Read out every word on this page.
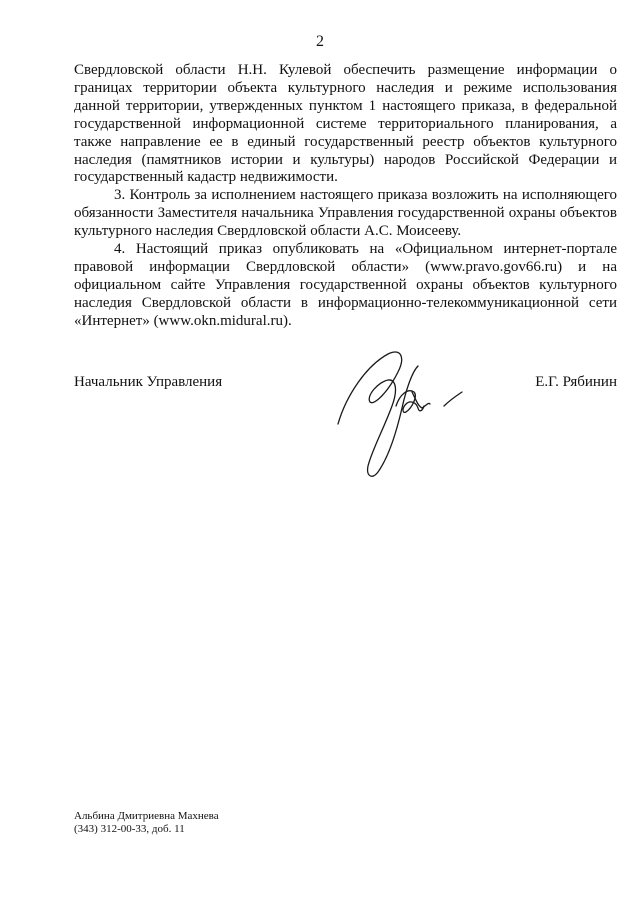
2

Свердловской области Н.Н. Кулевой обеспечить размещение информации о границах территории объекта культурного наследия и режиме использования данной территории, утвержденных пунктом 1 настоящего приказа, в федеральной государственной информационной системе территориального планирования, а также направление ее в единый государственный реестр объектов культурного наследия (памятников истории и культуры) народов Российской Федерации и государственный кадастр недвижимости.

3. Контроль за исполнением настоящего приказа возложить на исполняющего обязанности Заместителя начальника Управления государственной охраны объектов культурного наследия Свердловской области А.С. Моисееву.

4. Настоящий приказ опубликовать на «Официальном интернет-портале правовой информации Свердловской области» (www.pravo.gov66.ru) и на официальном сайте Управления государственной охраны объектов культурного наследия Свердловской области в информационно-телекоммуникационной сети «Интернет» (www.okn.midural.ru).

Начальник Управления	Е.Г. Рябинин
Альбина Дмитриевна Махнева
(343) 312-00-33, доб. 11
